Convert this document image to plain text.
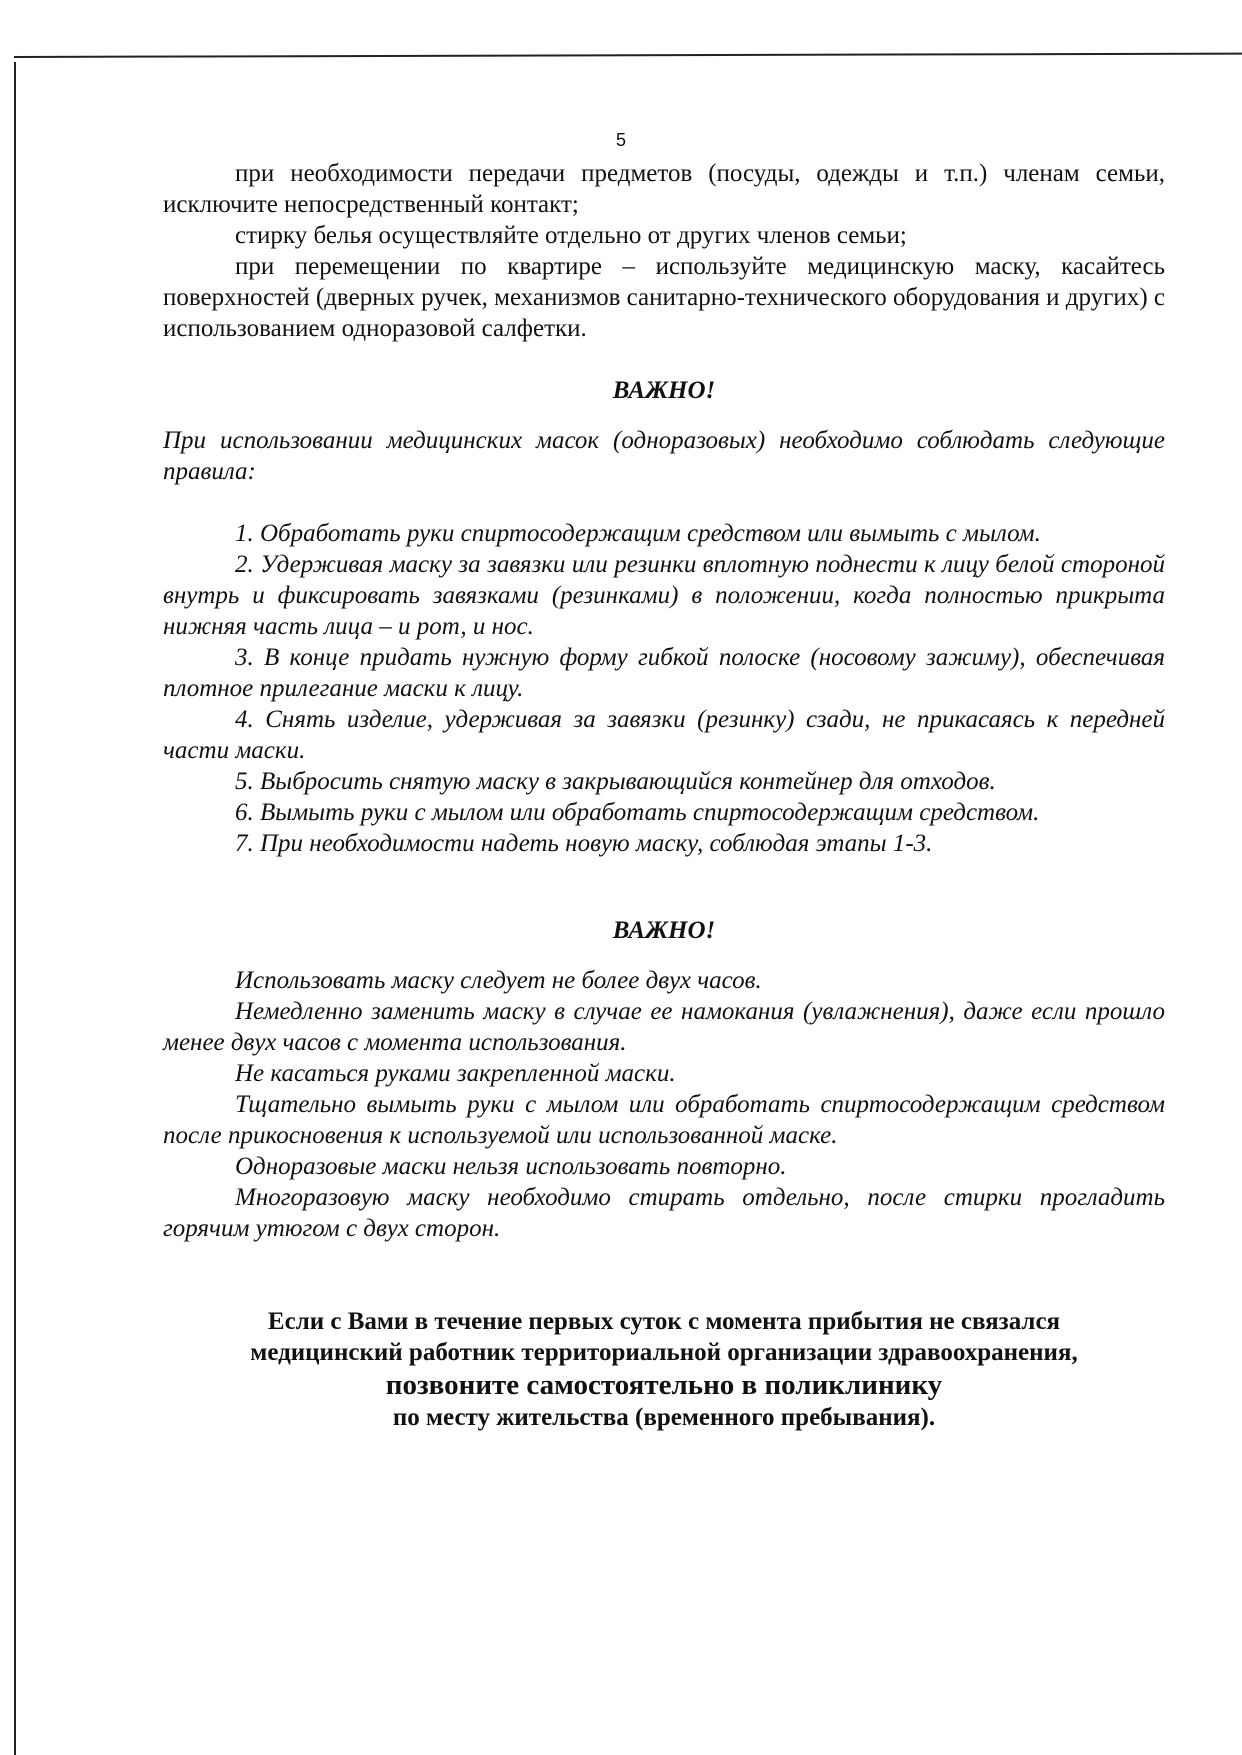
5

при необходимости передачи предметов (посуды, одежды и т.п.) членам семьи, исключите непосредственный контакт;

стирку белья осуществляйте отдельно от других членов семьи;

при перемещении по квартире – используйте медицинскую маску, касайтесь поверхностей (дверных ручек, механизмов санитарно-технического оборудования и других) с использованием одноразовой салфетки.

ВАЖНО!

При использовании медицинских масок (одноразовых) необходимо соблюдать следующие правила:

1. Обработать руки спиртосодержащим средством или вымыть с мылом.

2. Удерживая маску за завязки или резинки вплотную поднести к лицу белой стороной внутрь и фиксировать завязками (резинками) в положении, когда полностью прикрыта нижняя часть лица – и рот, и нос.

3. В конце придать нужную форму гибкой полоске (носовому зажиму), обеспечивая плотное прилегание маски к лицу.

4. Снять изделие, удерживая за завязки (резинку) сзади, не прикасаясь к передней части маски.

5. Выбросить снятую маску в закрывающийся контейнер для отходов.

6. Вымыть руки с мылом или обработать спиртосодержащим средством.

7. При необходимости надеть новую маску, соблюдая этапы 1-3.

ВАЖНО!

Использовать маску следует не более двух часов.

Немедленно заменить маску в случае ее намокания (увлажнения), даже если прошло менее двух часов с момента использования.

Не касаться руками закрепленной маски.

Тщательно вымыть руки с мылом или обработать спиртосодержащим средством после прикосновения к используемой или использованной маске.

Одноразовые маски нельзя использовать повторно.

Многоразовую маску необходимо стирать отдельно, после стирки прогладить горячим утюгом с двух сторон.

Если с Вами в течение первых суток с момента прибытия не связался
медицинский работник территориальной организации здравоохранения,
позвоните самостоятельно в поликлинику
по месту жительства (временного пребывания).
